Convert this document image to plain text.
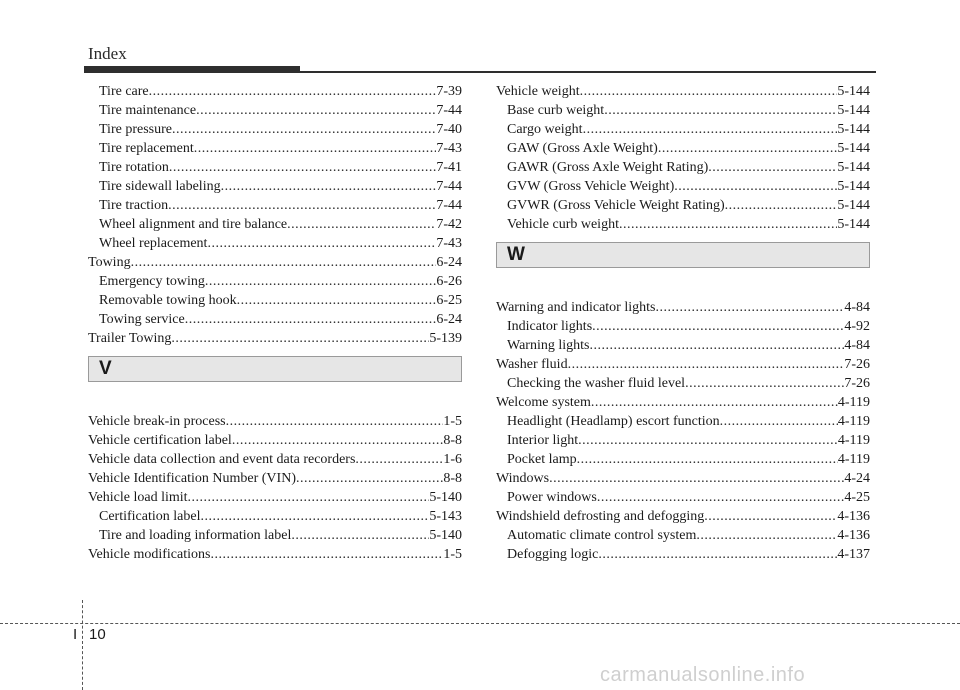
Index
Tire care .....	7-39
Tire maintenance .....	7-44
Tire pressure .....	7-40
Tire replacement .....	7-43
Tire rotation .....	7-41
Tire sidewall labeling .....	7-44
Tire traction .....	7-44
Wheel alignment and tire balance .....	7-42
Wheel replacement .....	7-43
Towing .....	6-24
Emergency towing .....	6-26
Removable towing hook .....	6-25
Towing service .....	6-24
Trailer Towing .....	5-139
V
Vehicle break-in process .....	1-5
Vehicle certification label .....	8-8
Vehicle data collection and event data recorders .....	1-6
Vehicle Identification Number (VIN) .....	8-8
Vehicle load limit .....	5-140
Certification label .....	5-143
Tire and loading information label .....	5-140
Vehicle modifications .....	1-5
Vehicle weight .....	5-144
Base curb weight .....	5-144
Cargo weight .....	5-144
GAW (Gross Axle Weight) .....	5-144
GAWR (Gross Axle Weight Rating) .....	5-144
GVW (Gross Vehicle Weight) .....	5-144
GVWR (Gross Vehicle Weight Rating) .....	5-144
Vehicle curb weight .....	5-144
W
Warning and indicator lights .....	4-84
Indicator lights .....	4-92
Warning lights .....	4-84
Washer fluid .....	7-26
Checking the washer fluid level .....	7-26
Welcome system .....	4-119
Headlight (Headlamp) escort function .....	4-119
Interior light .....	4-119
Pocket lamp .....	4-119
Windows .....	4-24
Power windows .....	4-25
Windshield defrosting and defogging .....	4-136
Automatic climate control system .....	4-136
Defogging logic .....	4-137
I 10
carmanualsonline.info
